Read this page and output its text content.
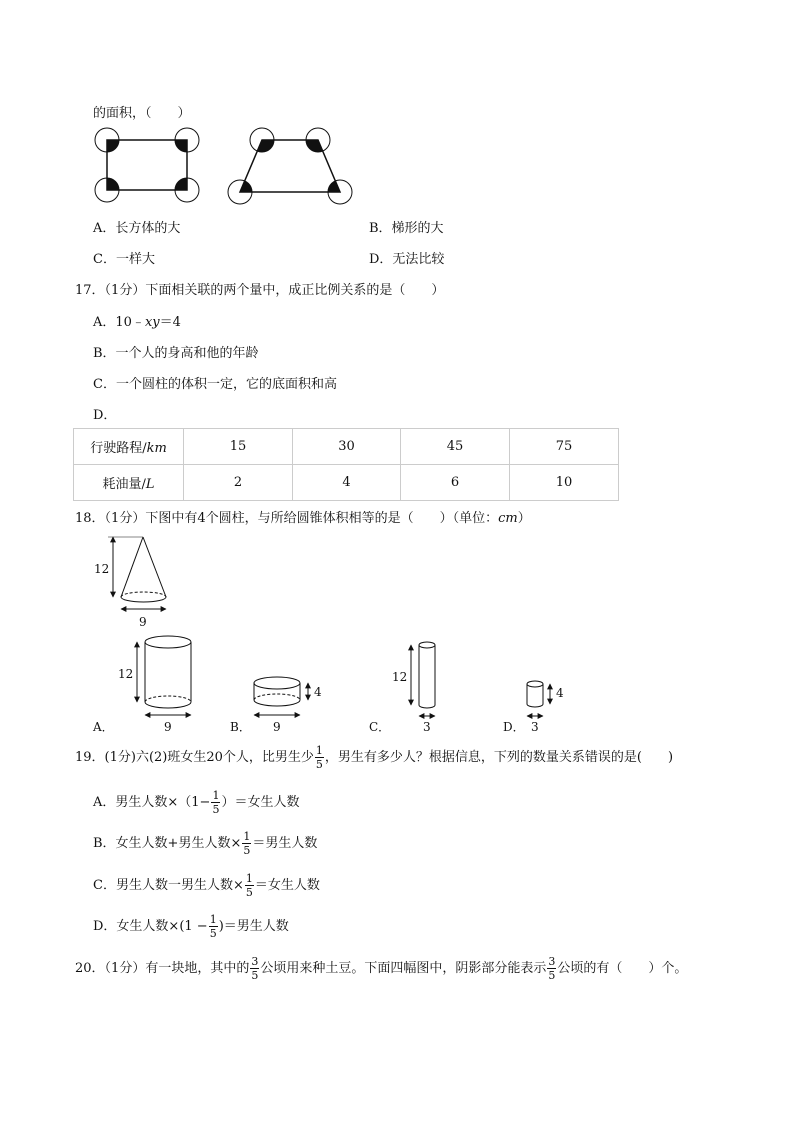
的面积，（　　）
A．长方体的大	B．梯形的大
C．一样大	D．无法比较
17．（1分）下面相关联的两个量中，成正比例关系的是（　　）
A．10﹣xy＝4
B．一个人的身高和他的年龄
C．一个圆柱的体积一定，它的底面积和高
D．
行驶路程/km	15	30	45	75
耗油量/L	2	4	6	10
18．（1分）下图中有4个圆柱，与所给圆锥体积相等的是（　　）（单位：cm）
12
9
12
9
A．
4
9
B．
12
3
C．
4
3
D．
19．(1分)六(2)班女生20个人，比男生少 $\frac{1}{5}$ ，男生有多少人？根据信息，下列的数量关系错误的是(　　)
A．男生人数$\times(1- \frac{1}{5}$ ）＝女生人数
B．女生人数+男生人数× $\frac{1}{5}$ ＝男生人数
C．男生人数一男生人数× $\frac{1}{5}$ ＝女生人数
D．女生人数$\times(1 - \frac{1}{5}$ )＝男生人数
20．（1分）有一块地，其中的 $\frac{3}{5}$ 公顷用来种土豆。下面四幅图中，阴影部分能表示 $\frac{3}{5}$ 公顷的有（　　）个。
